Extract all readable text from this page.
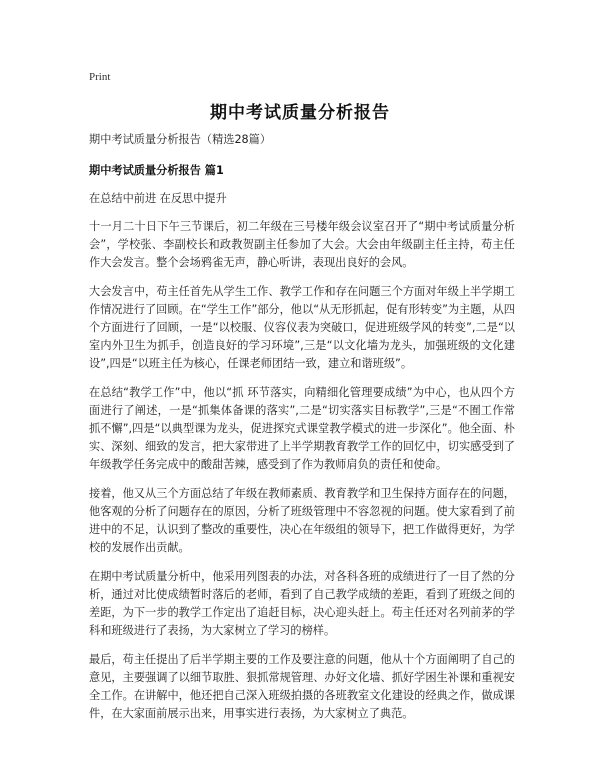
Print
期中考试质量分析报告
期中考试质量分析报告（精选28篇）
期中考试质量分析报告 篇1
在总结中前进 在反思中提升

十一月二十日下午三节课后，初二年级在三号楼年级会议室召开了“期中考试质量分析会”，学校张、李副校长和政教贺副主任参加了大会。大会由年级副主任主持，苟主任作大会发言。整个会场鸦雀无声，静心听讲，表现出良好的会风。

大会发言中，苟主任首先从学生工作、教学工作和存在问题三个方面对年级上半学期工作情况进行了回顾。在“学生工作”部分，他以“从无形抓起，促有形转变”为主题，从四个方面进行了回顾，一是“以校服、仪容仪表为突破口，促进班级学风的转变”,二是“以室内外卫生为抓手，创造良好的学习环境”,三是“以文化墙为龙头，加强班级的文化建设”,四是“以班主任为核心，任课老师团结一致，建立和谐班级”。

在总结“教学工作”中，他以“抓 环节落实，向精细化管理要成绩”为中心，也从四个方面进行了阐述，一是“抓集体备课的落实”,二是“切实落实目标教学”,三是“不囿工作常抓不懈”,四是“以典型课为龙头，促进探究式课堂教学模式的进一步深化”。他全面、朴实、深刻、细致的发言，把大家带进了上半学期教育教学工作的回忆中，切实感受到了年级教学任务完成中的酸甜苦辣，感受到了作为教师肩负的责任和使命。

接着，他又从三个方面总结了年级在教师素质、教育教学和卫生保持方面存在的问题，他客观的分析了问题存在的原因，分析了班级管理中不容忽视的问题。使大家看到了前进中的不足，认识到了整改的重要性，决心在年级组的领导下，把工作做得更好，为学校的发展作出贡献。

在期中考试质量分析中，他采用列图表的办法，对各科各班的成绩进行了一目了然的分析，通过对比使成绩暂时落后的老师，看到了自己教学成绩的差距，看到了班级之间的差距，为下一步的教学工作定出了追赶目标，决心迎头赶上。苟主任还对名列前茅的学科和班级进行了表扬，为大家树立了学习的榜样。

最后，苟主任提出了后半学期主要的工作及要注意的问题，他从十个方面阐明了自己的意见，主要强调了以细节取胜、狠抓常规管理、办好文化墙、抓好学困生补课和重视安全工作。在讲解中，他还把自己深入班级拍摄的各班教室文化建设的经典之作，做成课件，在大家面前展示出来，用事实进行表扬，为大家树立了典范。
